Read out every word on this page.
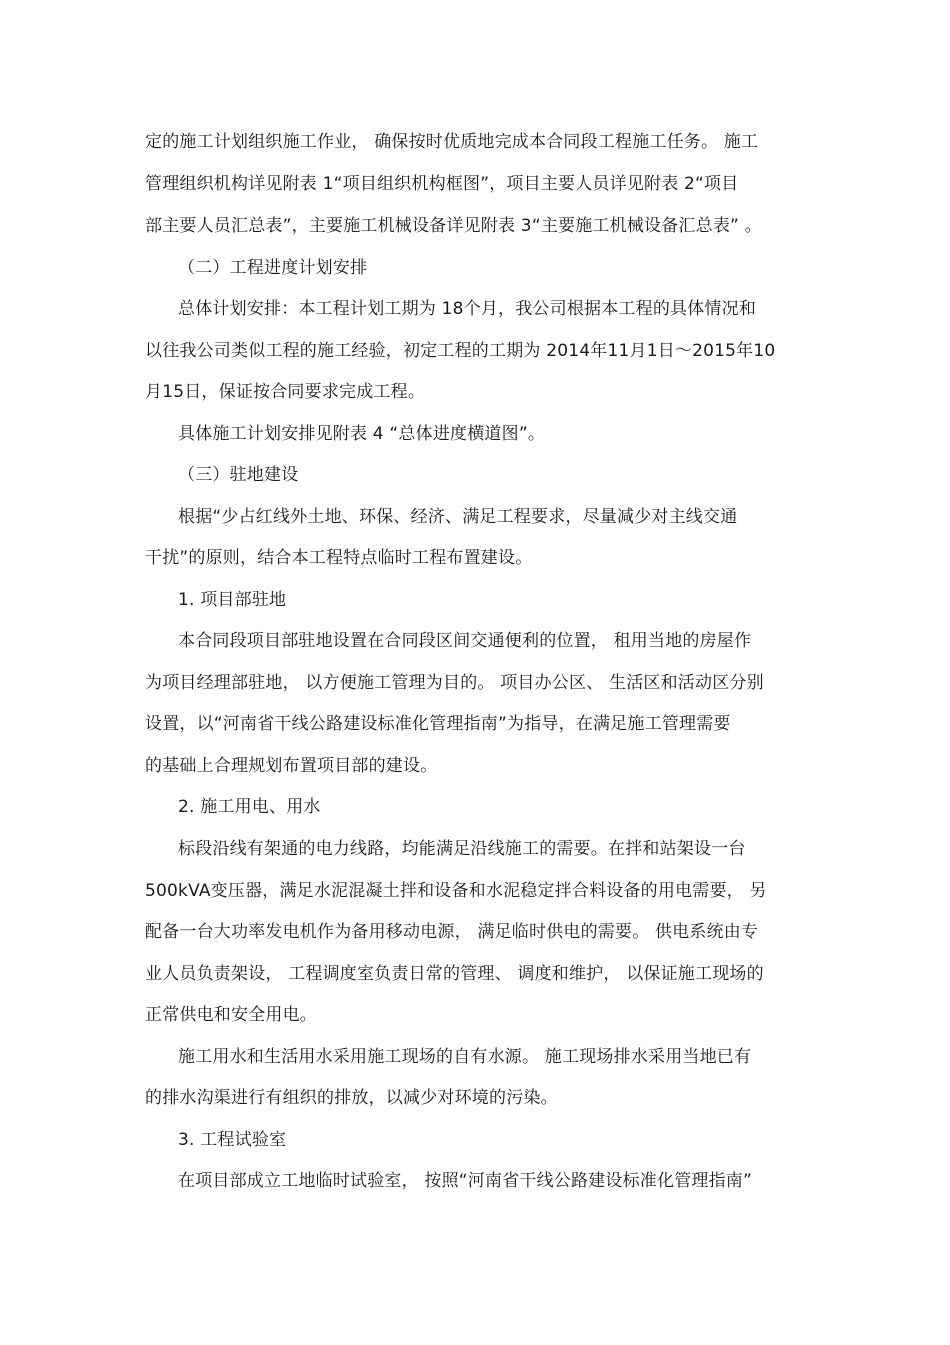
定的施工计划组织施工作业， 确保按时优质地完成本合同段工程施工任务。 施工
管理组织机构详见附表 1“项目组织机构框图”，项目主要人员详见附表 2“项目
部主要人员汇总表”，主要施工机械设备详见附表 3“主要施工机械设备汇总表” 。
（二）工程进度计划安排
总体计划安排：本工程计划工期为 18个月，我公司根据本工程的具体情况和
以往我公司类似工程的施工经验，初定工程的工期为 2014年11月1日～2015年10
月15日，保证按合同要求完成工程。
具体施工计划安排见附表 4 “总体进度横道图”。
（三）驻地建设
根据“少占红线外土地、环保、经济、满足工程要求，尽量减少对主线交通
干扰”的原则，结合本工程特点临时工程布置建设。
1. 项目部驻地
本合同段项目部驻地设置在合同段区间交通便利的位置， 租用当地的房屋作
为项目经理部驻地， 以方便施工管理为目的。 项目办公区、 生活区和活动区分别
设置，以“河南省干线公路建设标准化管理指南”为指导，在满足施工管理需要
的基础上合理规划布置项目部的建设。
2. 施工用电、用水
标段沿线有架通的电力线路，均能满足沿线施工的需要。在拌和站架设一台
500kVA变压器，满足水泥混凝土拌和设备和水泥稳定拌合料设备的用电需要， 另
配备一台大功率发电机作为备用移动电源， 满足临时供电的需要。 供电系统由专
业人员负责架设， 工程调度室负责日常的管理、 调度和维护， 以保证施工现场的
正常供电和安全用电。
施工用水和生活用水采用施工现场的自有水源。 施工现场排水采用当地已有
的排水沟渠进行有组织的排放，以减少对环境的污染。
3. 工程试验室
在项目部成立工地临时试验室， 按照“河南省干线公路建设标准化管理指南”
